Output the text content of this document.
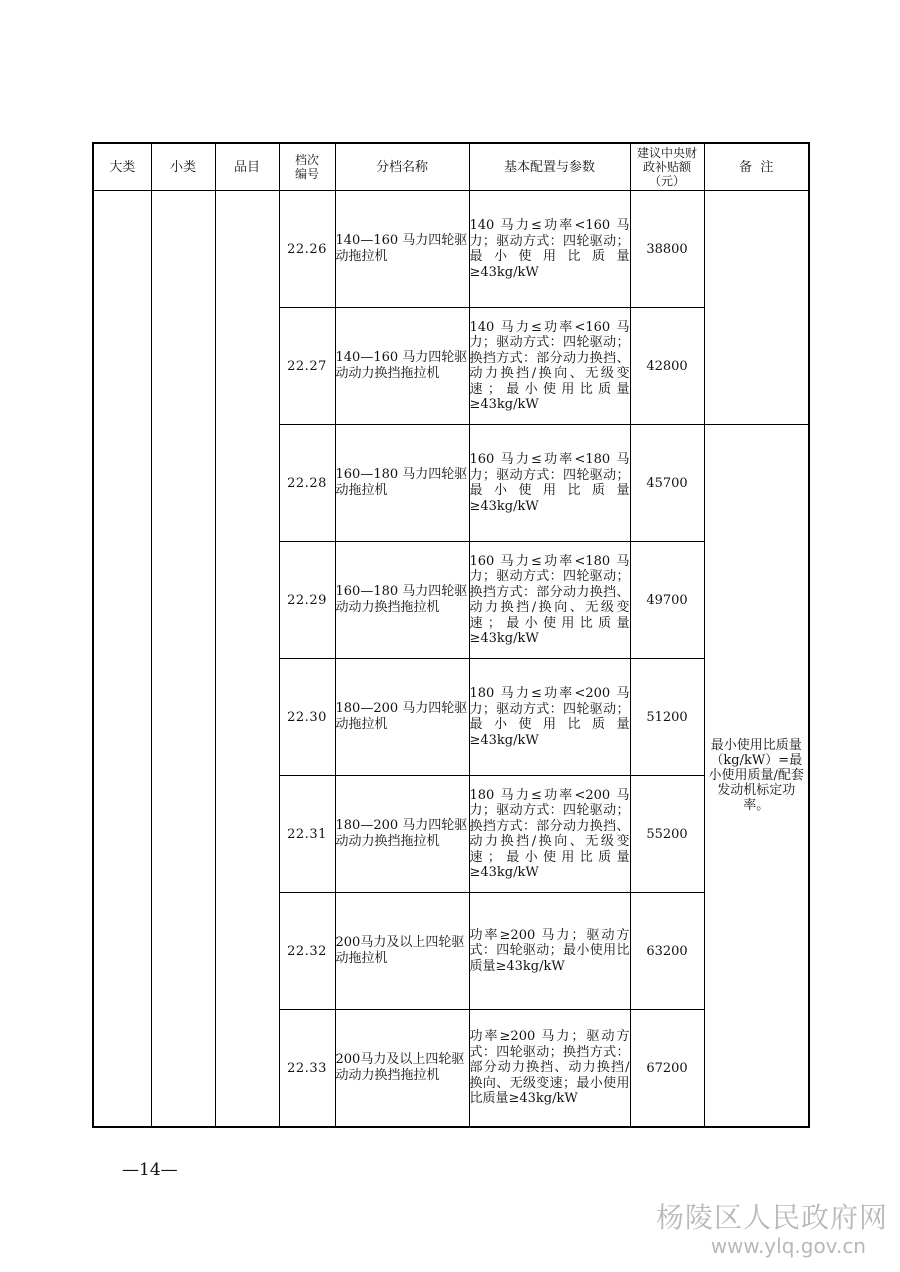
大类	小类	品目	档次编号	分档名称	基本配置与参数	建议中央财政补贴额（元）	备  注
			22.26	140—160 马力四轮驱动拖拉机	140 马力≤功率<160 马力；驱动方式：四轮驱动；最小使用比质量≥43kg/kW	38800	
			22.27	140—160 马力四轮驱动动力换挡拖拉机	140 马力≤功率<160 马力；驱动方式：四轮驱动；换挡方式：部分动力换挡、动力换挡/换向、无级变速；最小使用比质量≥43kg/kW	42800	
			22.28	160—180 马力四轮驱动拖拉机	160 马力≤功率<180 马力；驱动方式：四轮驱动；最小使用比质量≥43kg/kW	45700	最小使用比质量（kg/kW）=最小使用质量/配套发动机标定功率。
			22.29	160—180 马力四轮驱动动力换挡拖拉机	160 马力≤功率<180 马力；驱动方式：四轮驱动；换挡方式：部分动力换挡、动力换挡/换向、无级变速；最小使用比质量≥43kg/kW	49700	
			22.30	180—200 马力四轮驱动拖拉机	180 马力≤功率<200 马力；驱动方式：四轮驱动；最小使用比质量≥43kg/kW	51200	
			22.31	180—200 马力四轮驱动动力换挡拖拉机	180 马力≤功率<200 马力；驱动方式：四轮驱动；换挡方式：部分动力换挡、动力换挡/换向、无级变速；最小使用比质量≥43kg/kW	55200	
			22.32	200马力及以上四轮驱动拖拉机	功率≥200 马力；驱动方式：四轮驱动；最小使用比质量≥43kg/kW	63200	
			22.33	200马力及以上四轮驱动动力换挡拖拉机	功率≥200 马力；驱动方式：四轮驱动；换挡方式：部分动力换挡、动力换挡/换向、无级变速；最小使用比质量≥43kg/kW	67200	
—14—
杨陵区人民政府网
www.ylq.gov.cn
